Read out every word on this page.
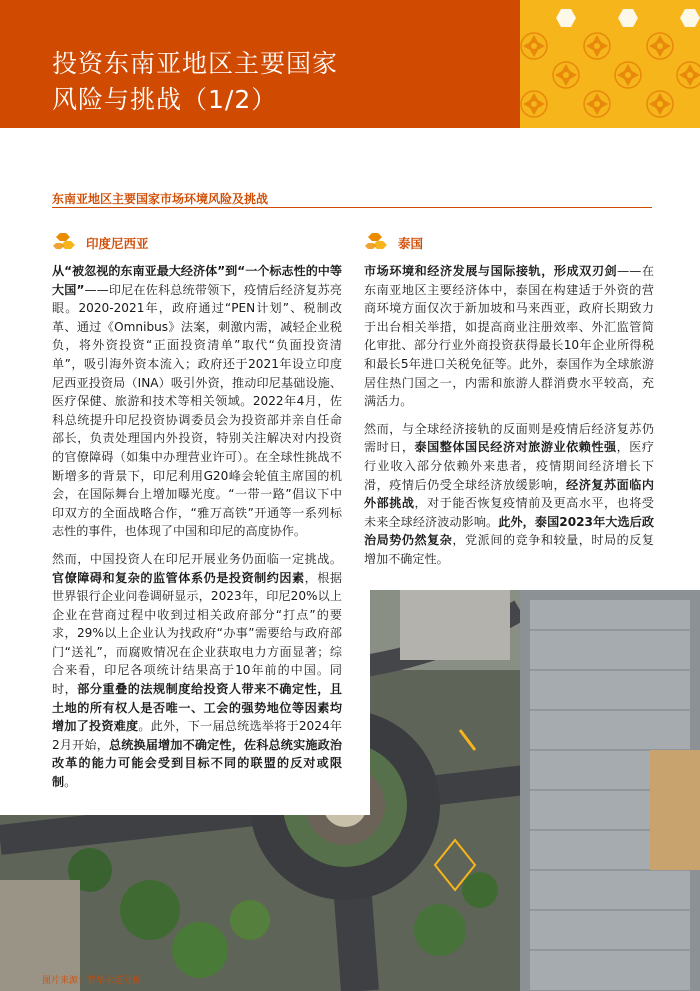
投资东南亚地区主要国家
风险与挑战（1/2）
东南亚地区主要国家市场环境风险及挑战
印度尼西亚

从“被忽视的东南亚最大经济体”到“一个标志性的中等大国”——印尼在佐科总统带领下，疫情后经济复苏亮眼。2020-2021年，政府通过“PEN计划”、税制改革、通过《Omnibus》法案，刺激内需，减轻企业税负，将外资投资“正面投资清单”取代“负面投资清单”，吸引海外资本流入；政府还于2021年设立印度尼西亚投资局（INA）吸引外资，推动印尼基础设施、医疗保健、旅游和技术等相关领域。2022年4月，佐科总统提升印尼投资协调委员会为投资部并亲自任命部长，负责处理国内外投资，特别关注解决对内投资的官僚障碍（如集中办理营业许可）。在全球性挑战不断增多的背景下，印尼利用G20峰会轮值主席国的机会，在国际舞台上增加曝光度。“一带一路”倡议下中印双方的全面战略合作，“雅万高铁”开通等一系列标志性的事件，也体现了中国和印尼的高度协作。

然而，中国投资人在印尼开展业务仍面临一定挑战。官僚障碍和复杂的监管体系仍是投资制约因素，根据世界银行企业问卷调研显示，2023年，印尼20%以上企业在营商过程中收到过相关政府部分“打点”的要求，29%以上企业认为找政府“办事”需要给与政府部门“送礼”，而腐败情况在企业获取电力方面显著；综合来看，印尼各项统计结果高于10年前的中国。同时，部分重叠的法规制度给投资人带来不确定性，且土地的所有权人是否唯一、工会的强势地位等因素均增加了投资难度。此外，下一届总统选举将于2024年2月开始，总统换届增加不确定性，佐科总统实施政治改革的能力可能会受到目标不同的联盟的反对或限制。

泰国

市场环境和经济发展与国际接轨，形成双刃剑——在东南亚地区主要经济体中，泰国在构建适于外资的营商环境方面仅次于新加坡和马来西亚，政府长期致力于出台相关举措，如提高商业注册效率、外汇监管简化审批、部分行业外商投资获得最长10年企业所得税和最长5年进口关税免征等。此外，泰国作为全球旅游居住热门国之一，内需和旅游人群消费水平较高，充满活力。

然而，与全球经济接轨的反面则是疫情后经济复苏仍需时日，泰国整体国民经济对旅游业依赖性强，医疗行业收入部分依赖外来患者，疫情期间经济增长下滑，疫情后仍受全球经济放缓影响，经济复苏面临内外部挑战，对于能否恢复疫情前及更高水平，也将受未来全球经济波动影响。此外，泰国2023年大选后政治局势仍然复杂，党派间的竞争和较量，时局的反复增加不确定性。

图片来源：普华永道分析
